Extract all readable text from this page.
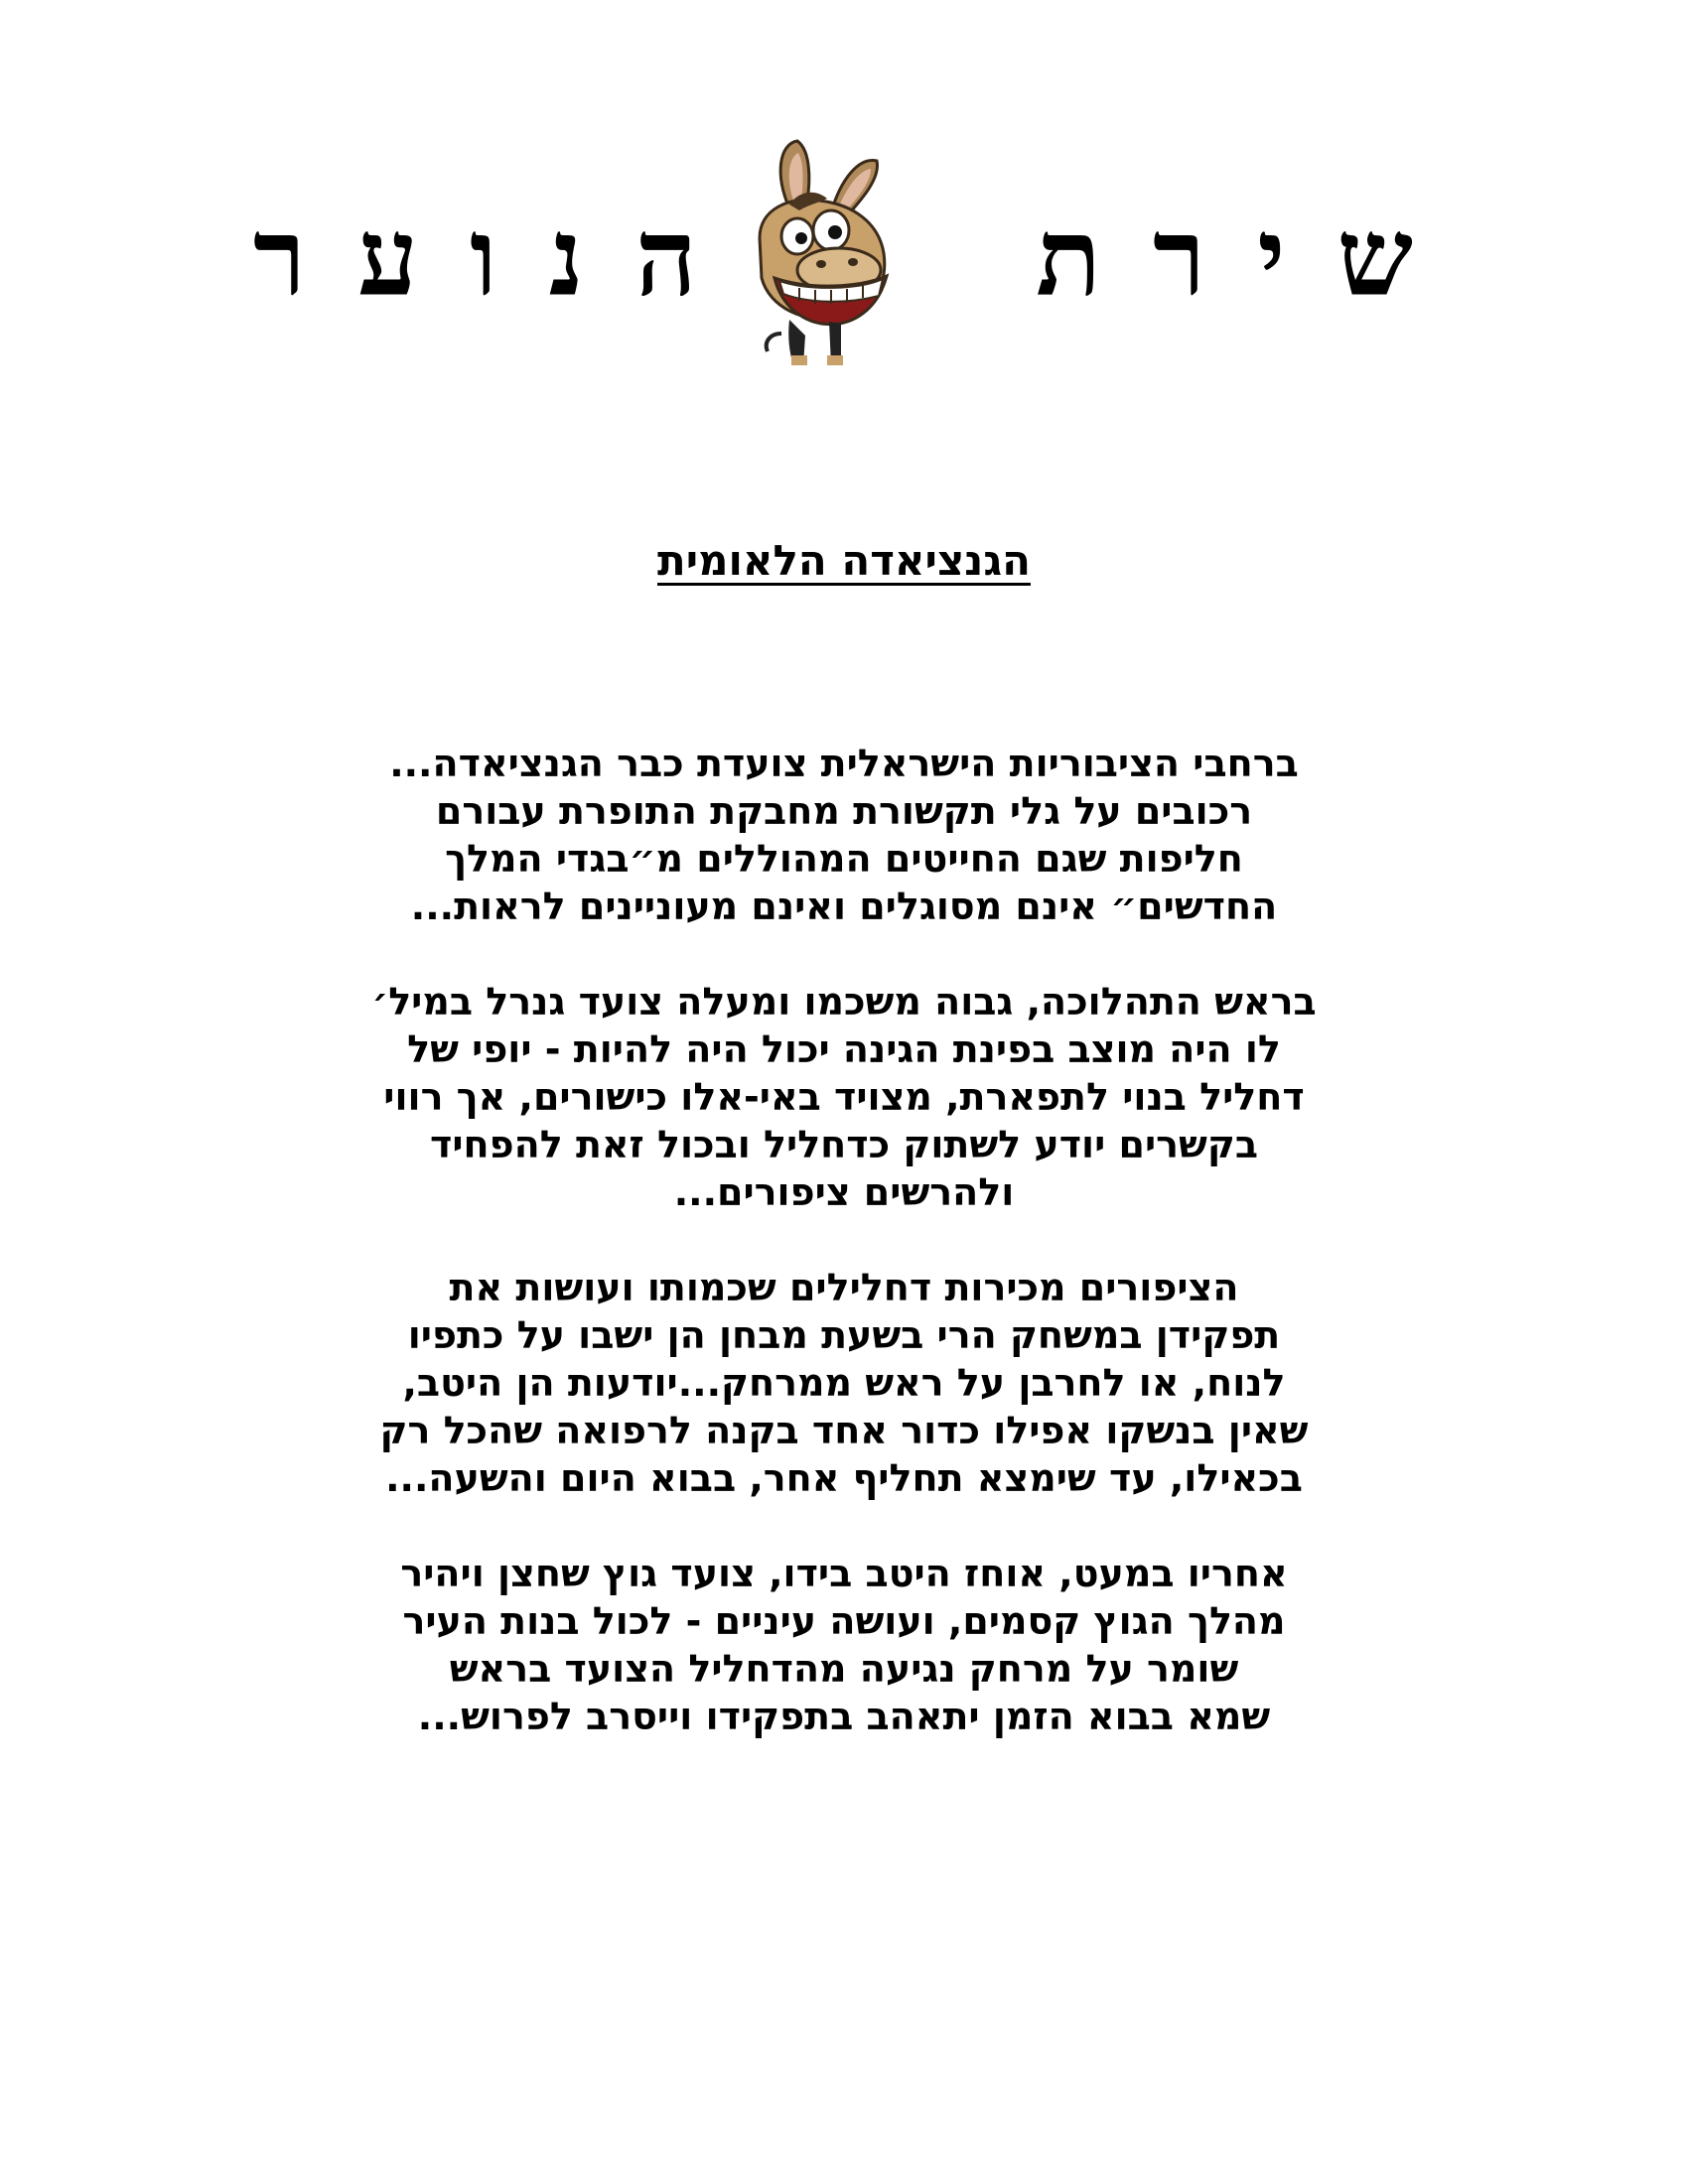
שירת
הנוער
הגנציאדה הלאומית
ברחבי הציבוריות הישראלית צועדת כבר הגנציאדה...
רכובים על גלי תקשורת מחבקת התופרת עבורם
חליפות שגם החייטים המהוללים מ״בגדי המלך
החדשים״ אינם מסוגלים ואינם מעוניינים לראות...
בראש התהלוכה, גבוה משכמו ומעלה צועד גנרל במיל׳
לו היה מוצב בפינת הגינה יכול היה להיות - יופי של
דחליל בנוי לתפארת, מצויד באי-אלו כישורים, אך רווי
בקשרים יודע לשתוק כדחליל ובכול זאת להפחיד
ולהרשים ציפורים...
הציפורים מכירות דחלילים שכמותו ועושות את
תפקידן במשחק הרי בשעת מבחן הן ישבו על כתפיו
לנוח, או לחרבן על ראש ממרחק...יודעות הן היטב,
שאין בנשקו אפילו כדור אחד בקנה לרפואה שהכל רק
בכאילו, עד שימצא תחליף אחר, בבוא היום והשעה...
אחריו במעט, אוחז היטב בידו, צועד גוץ שחצן ויהיר
מהלך הגוץ קסמים, ועושה עיניים - לכול בנות העיר
שומר על מרחק נגיעה מהדחליל הצועד בראש
שמא בבוא הזמן יתאהב בתפקידו וייסרב לפרוש...
